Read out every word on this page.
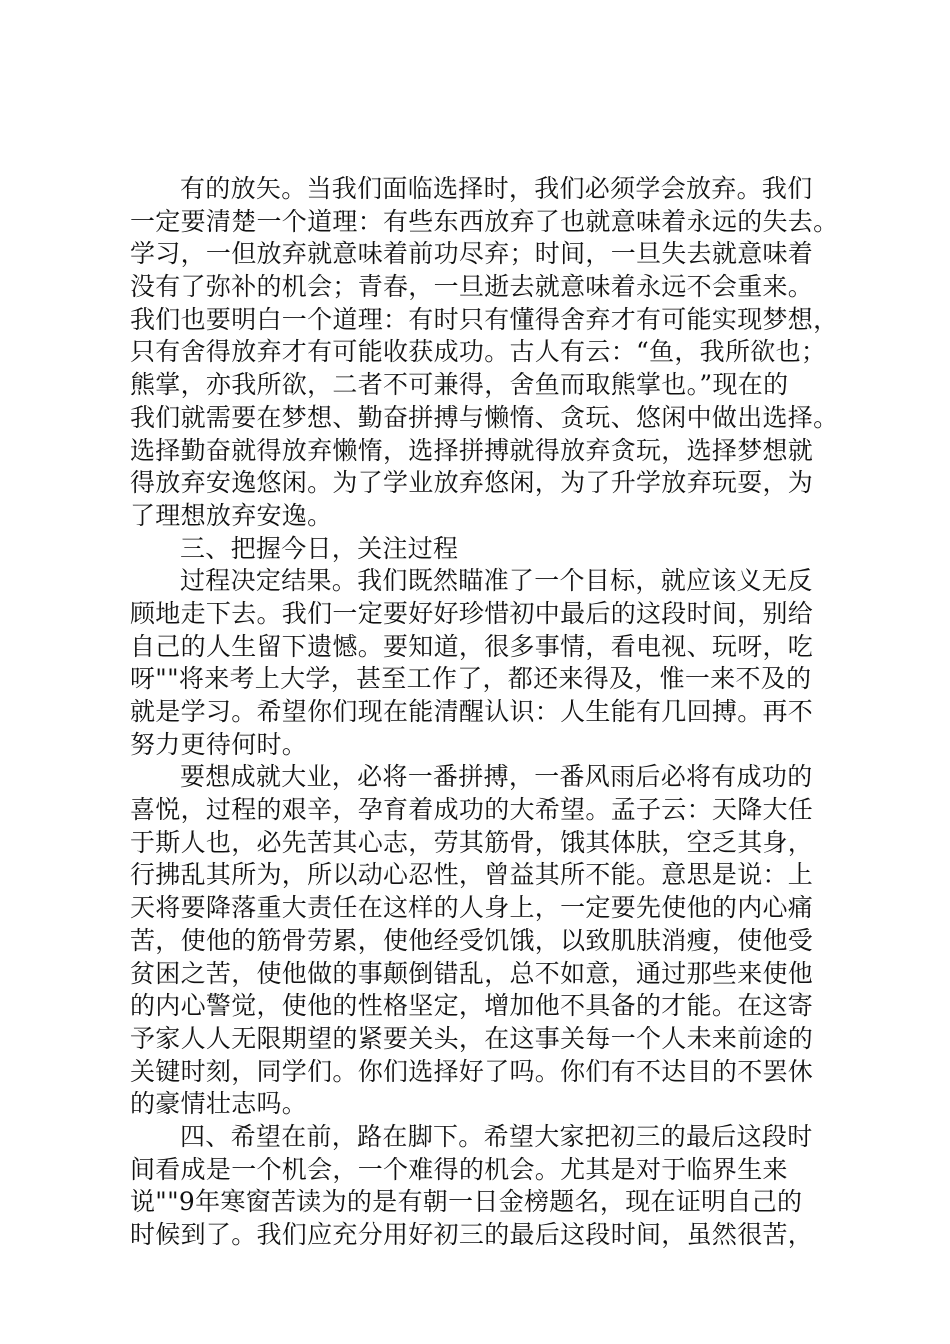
有的放矢。当我们面临选择时，我们必须学会放弃。我们
一定要清楚一个道理：有些东西放弃了也就意味着永远的失去。
学习，一但放弃就意味着前功尽弃；时间，一旦失去就意味着
没有了弥补的机会；青春，一旦逝去就意味着永远不会重来。
我们也要明白一个道理：有时只有懂得舍弃才有可能实现梦想，
只有舍得放弃才有可能收获成功。古人有云：“鱼，我所欲也；
熊掌，亦我所欲，二者不可兼得，舍鱼而取熊掌也。”现在的
我们就需要在梦想、勤奋拼搏与懒惰、贪玩、悠闲中做出选择。
选择勤奋就得放弃懒惰，选择拼搏就得放弃贪玩，选择梦想就
得放弃安逸悠闲。为了学业放弃悠闲，为了升学放弃玩耍，为
了理想放弃安逸。
三、把握今日，关注过程
过程决定结果。我们既然瞄准了一个目标，就应该义无反
顾地走下去。我们一定要好好珍惜初中最后的这段时间，别给
自己的人生留下遗憾。要知道，很多事情，看电视、玩呀，吃
呀""将来考上大学，甚至工作了，都还来得及，惟一来不及的
就是学习。希望你们现在能清醒认识：人生能有几回搏。再不
努力更待何时。
要想成就大业，必将一番拼搏，一番风雨后必将有成功的
喜悦，过程的艰辛，孕育着成功的大希望。孟子云：天降大任
于斯人也，必先苦其心志，劳其筋骨，饿其体肤，空乏其身，
行拂乱其所为，所以动心忍性，曾益其所不能。意思是说：上
天将要降落重大责任在这样的人身上，一定要先使他的内心痛
苦，使他的筋骨劳累，使他经受饥饿，以致肌肤消瘦，使他受
贫困之苦，使他做的事颠倒错乱，总不如意，通过那些来使他
的内心警觉，使他的性格坚定，增加他不具备的才能。在这寄
予家人人无限期望的紧要关头，在这事关每一个人未来前途的
关键时刻，同学们。你们选择好了吗。你们有不达目的不罢休
的豪情壮志吗。
四、希望在前，路在脚下。希望大家把初三的最后这段时
间看成是一个机会，一个难得的机会。尤其是对于临界生来
说""9年寒窗苦读为的是有朝一日金榜题名，现在证明自己的
时候到了。我们应充分用好初三的最后这段时间，虽然很苦，
